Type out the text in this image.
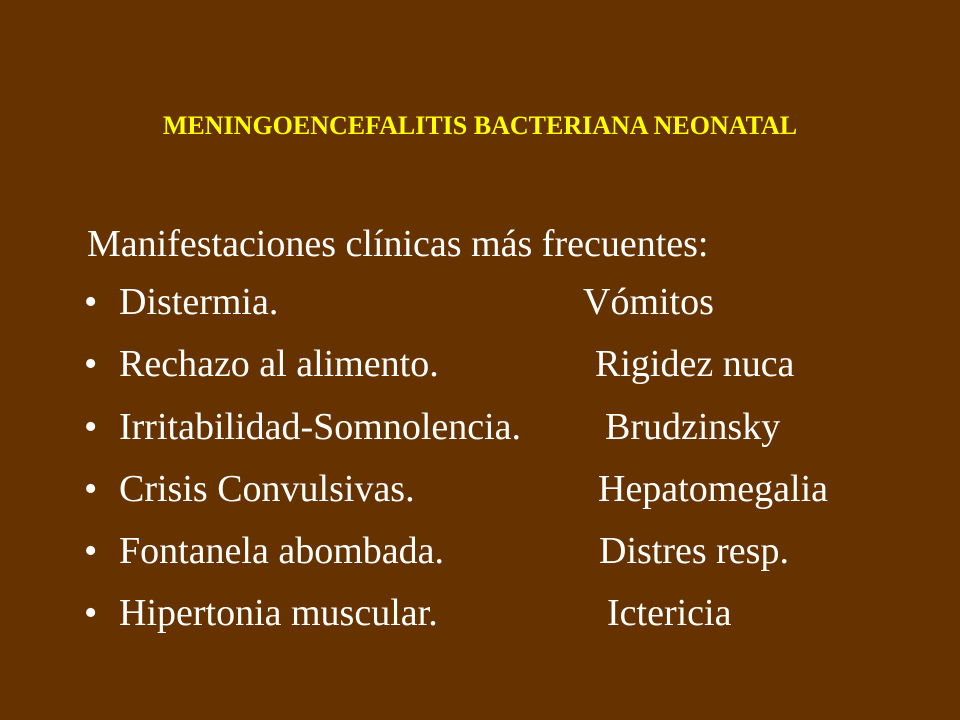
MENINGOENCEFALITIS BACTERIANA NEONATAL
Manifestaciones clínicas más frecuentes:
• Distermia.	Vómitos
• Rechazo al alimento.	Rigidez nuca
• Irritabilidad-Somnolencia. Brudzinsky
• Crisis Convulsivas.	Hepatomegalia
• Fontanela abombada.	Distres resp.
• Hipertonia muscular.	Ictericia
